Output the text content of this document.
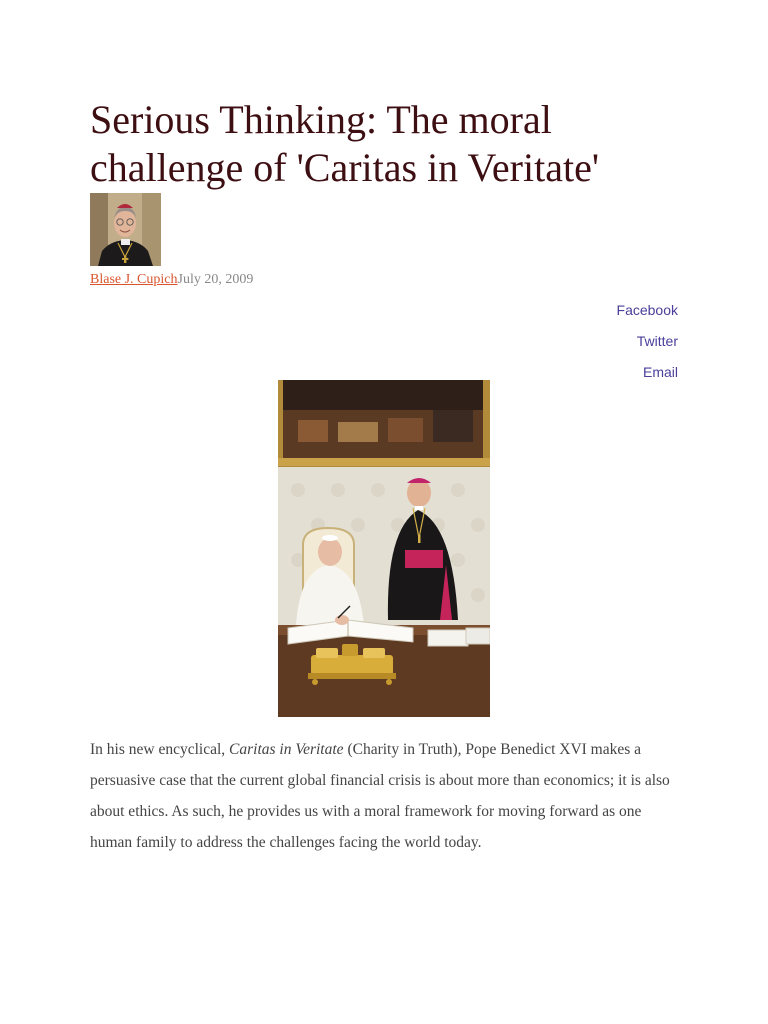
Serious Thinking: The moral challenge of 'Caritas in Veritate'
Blase J. CupichJuly 20, 2009
Facebook
Twitter
Email

In his new encyclical, Caritas in Veritate (Charity in Truth), Pope Benedict XVI makes a persuasive case that the current global financial crisis is about more than economics; it is also about ethics. As such, he provides us with a moral framework for moving forward as one human family to address the challenges facing the world today.
